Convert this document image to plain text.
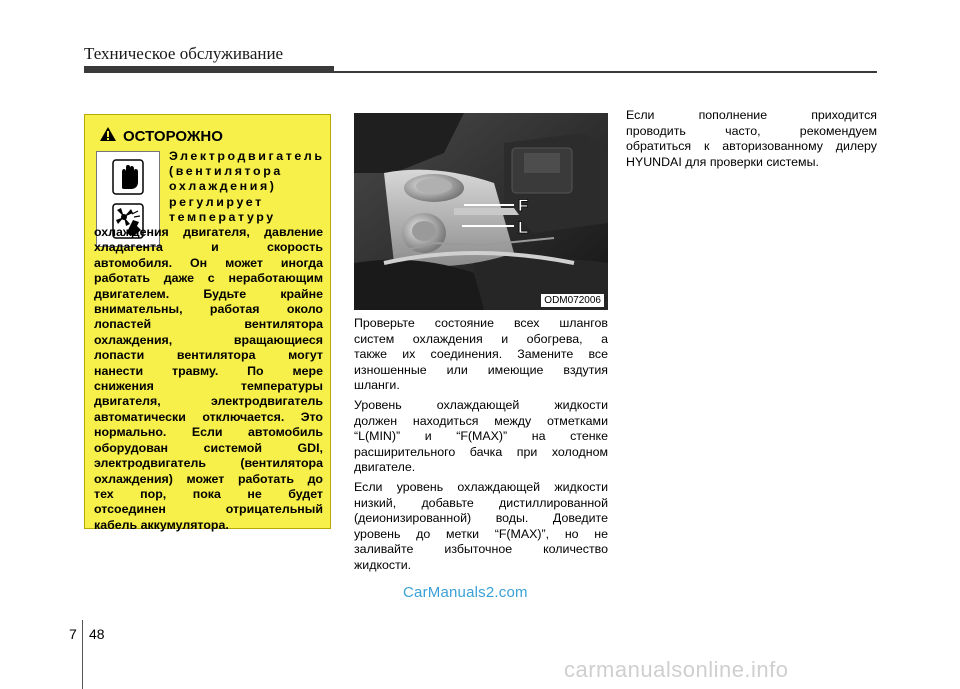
Техническое обслуживание
ОСТОРОЖНО
Электродвигатель
(вентилятора
охлаждения)
регулирует
температуру
охлаждения двигателя, давление
хладагента и скорость
автомобиля. Он может иногда
работать даже с неработающим
двигателем. Будьте крайне
внимательны, работая около
лопастей вентилятора
охлаждения, вращающиеся
лопасти вентилятора могут
нанести травму. По мере
снижения температуры
двигателя, электродвигатель
автоматически отключается. Это
нормально. Если автомобиль
оборудован системой GDI,
электродвигатель (вентилятора
охлаждения) может работать до
тех пор, пока не будет
отсоединен отрицательный
кабель аккумулятора.
F
L
ODM072006
Проверьте состояние всех шлангов
систем охлаждения и обогрева, а
также их соединения. Замените все
изношенные или имеющие вздутия
шланги.
Уровень охлаждающей жидкости
должен находиться между отметками
“L(MIN)” и “F(MAX)” на стенке
расширительного бачка при холодном
двигателе.
Если уровень охлаждающей жидкости
низкий, добавьте дистиллированной
(деионизированной) воды. Доведите
уровень до метки “F(MAX)”, но не
заливайте избыточное количество
жидкости.
Если пополнение приходится
проводить часто, рекомендуем
обратиться к авторизованному дилеру
HYUNDAI для проверки системы.
CarManuals2.com
7 48
carmanualsonline.info
